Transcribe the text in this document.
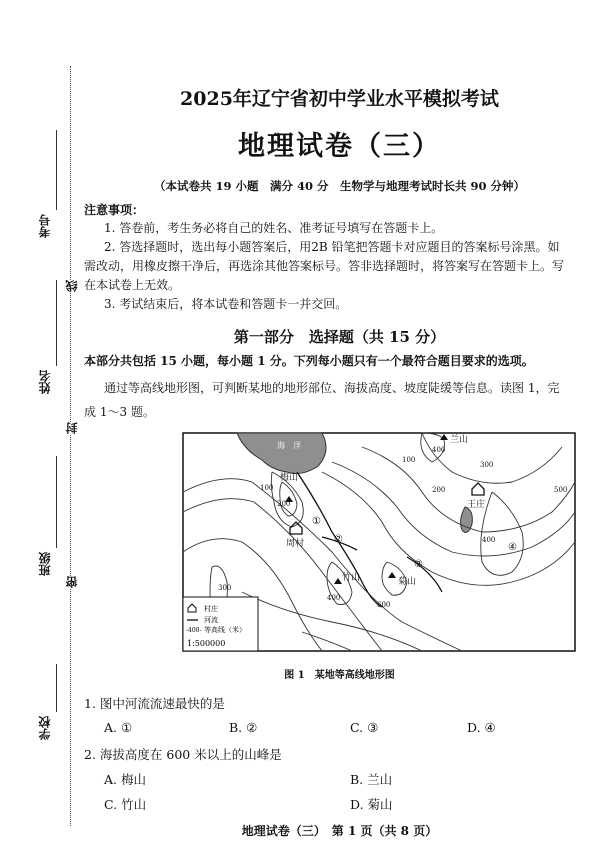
考号
姓名
班级
学校
线
封
密
2025年辽宁省初中学业水平模拟考试
地理试卷（三）
（本试卷共 19 小题　满分 40 分　生物学与地理考试时长共 90 分钟）
注意事项：
1. 答卷前，考生务必将自己的姓名、准考证号填写在答题卡上。
2. 答选择题时，选出每小题答案后，用2B 铅笔把答题卡对应题目的答案标号涂黑。如
需改动，用橡皮擦干净后，再选涂其他答案标号。答非选择题时，将答案写在答题卡上。写
在本试卷上无效。
3. 考试结束后，将本试卷和答题卡一并交回。
第一部分　选择题（共 15 分）
本部分共包括 15 小题，每小题 1 分。下列每小题只有一个最符合题目要求的选项。
通过等高线地形图，可判断某地的地形部位、海拔高度、坡度陡缓等信息。读图 1，完
成 1～3 题。
海　洋
兰山
梅山
王庄
周村
竹山	菊山
①
②
③
④
100
100	200
200
300
300
400
400
400
500
600
村庄
河流
-400- 等高线（米）
1:500000
图 1　某地等高线地形图
1. 图中河流流速最快的是
A. ①	B. ②	C. ③	D. ④
2. 海拔高度在 600 米以上的山峰是
A. 梅山	B. 兰山
C. 竹山	D. 菊山
地理试卷（三）　第 1 页（共 8 页）
